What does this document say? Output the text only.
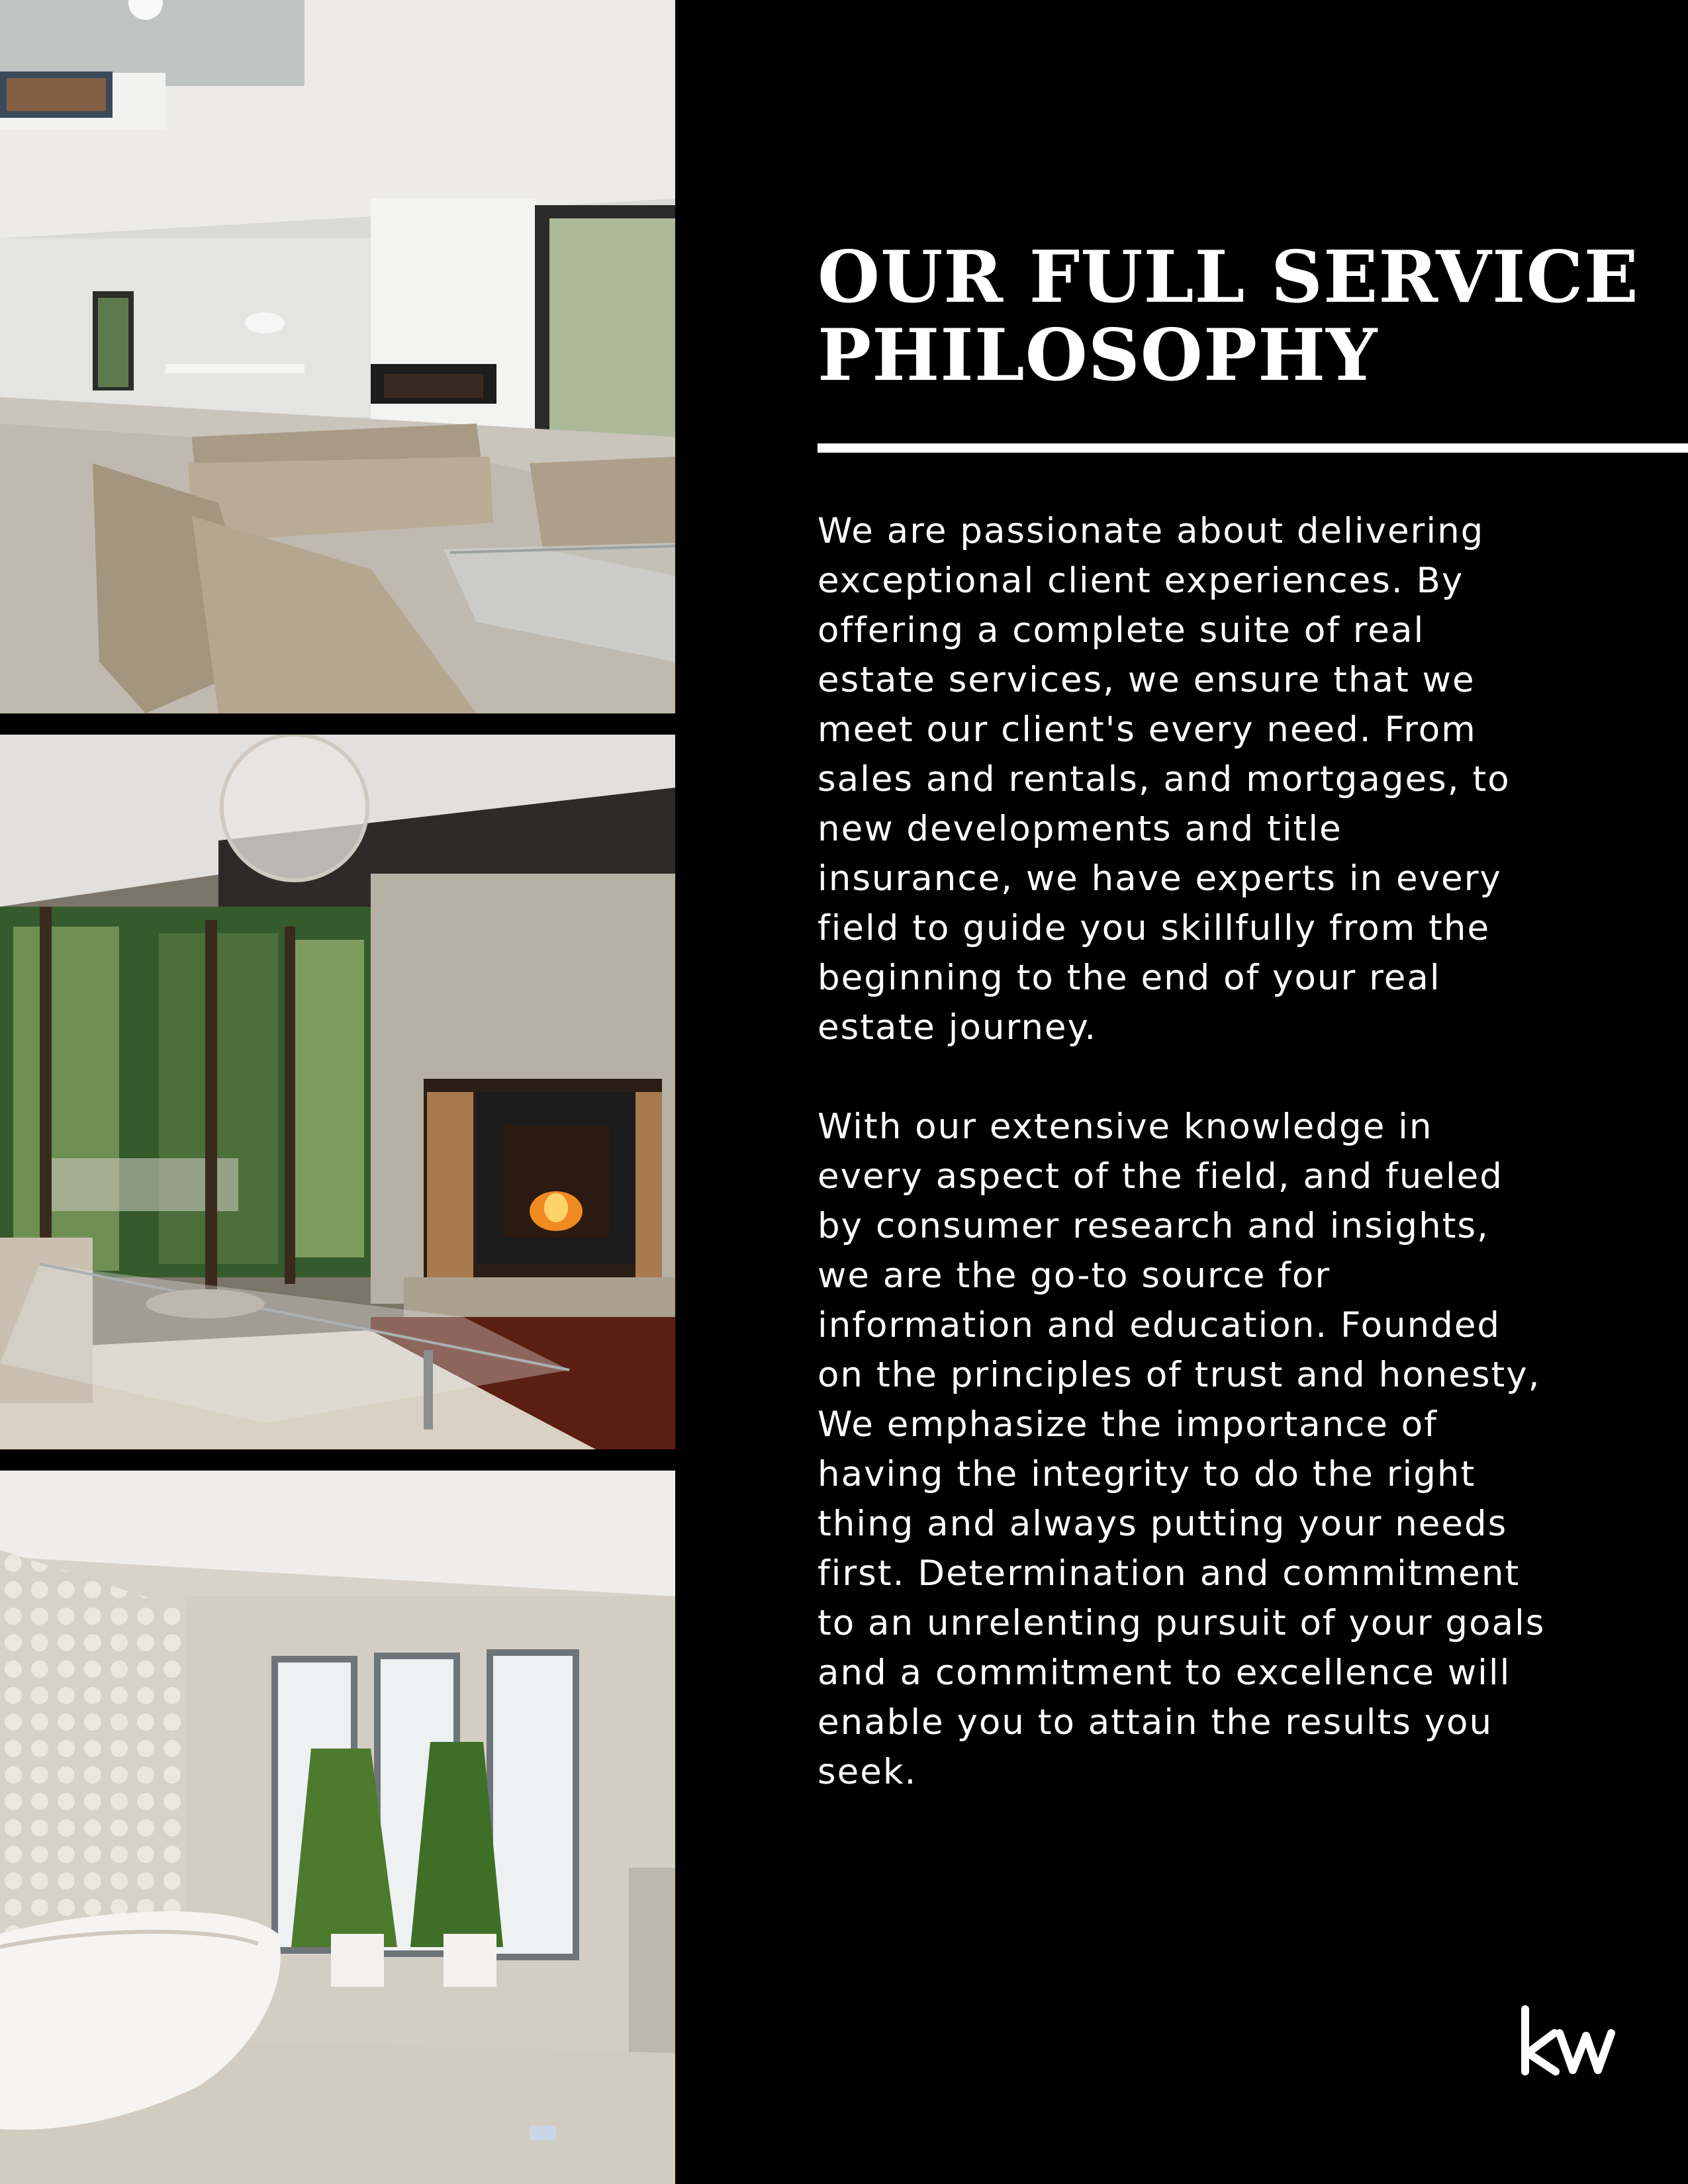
OUR FULL SERVICE PHILOSOPHY

We are passionate about delivering exceptional client experiences. By offering a complete suite of real estate services, we ensure that we meet our client's every need. From sales and rentals, and mortgages, to new developments and title insurance, we have experts in every field to guide you skillfully from the beginning to the end of your real estate journey.

With our extensive knowledge in every aspect of the field, and fueled by consumer research and insights, we are the go-to source for information and education. Founded on the principles of trust and honesty, We emphasize the importance of having the integrity to do the right thing and always putting your needs first. Determination and commitment to an unrelenting pursuit of your goals and a commitment to excellence will enable you to attain the results you seek.
